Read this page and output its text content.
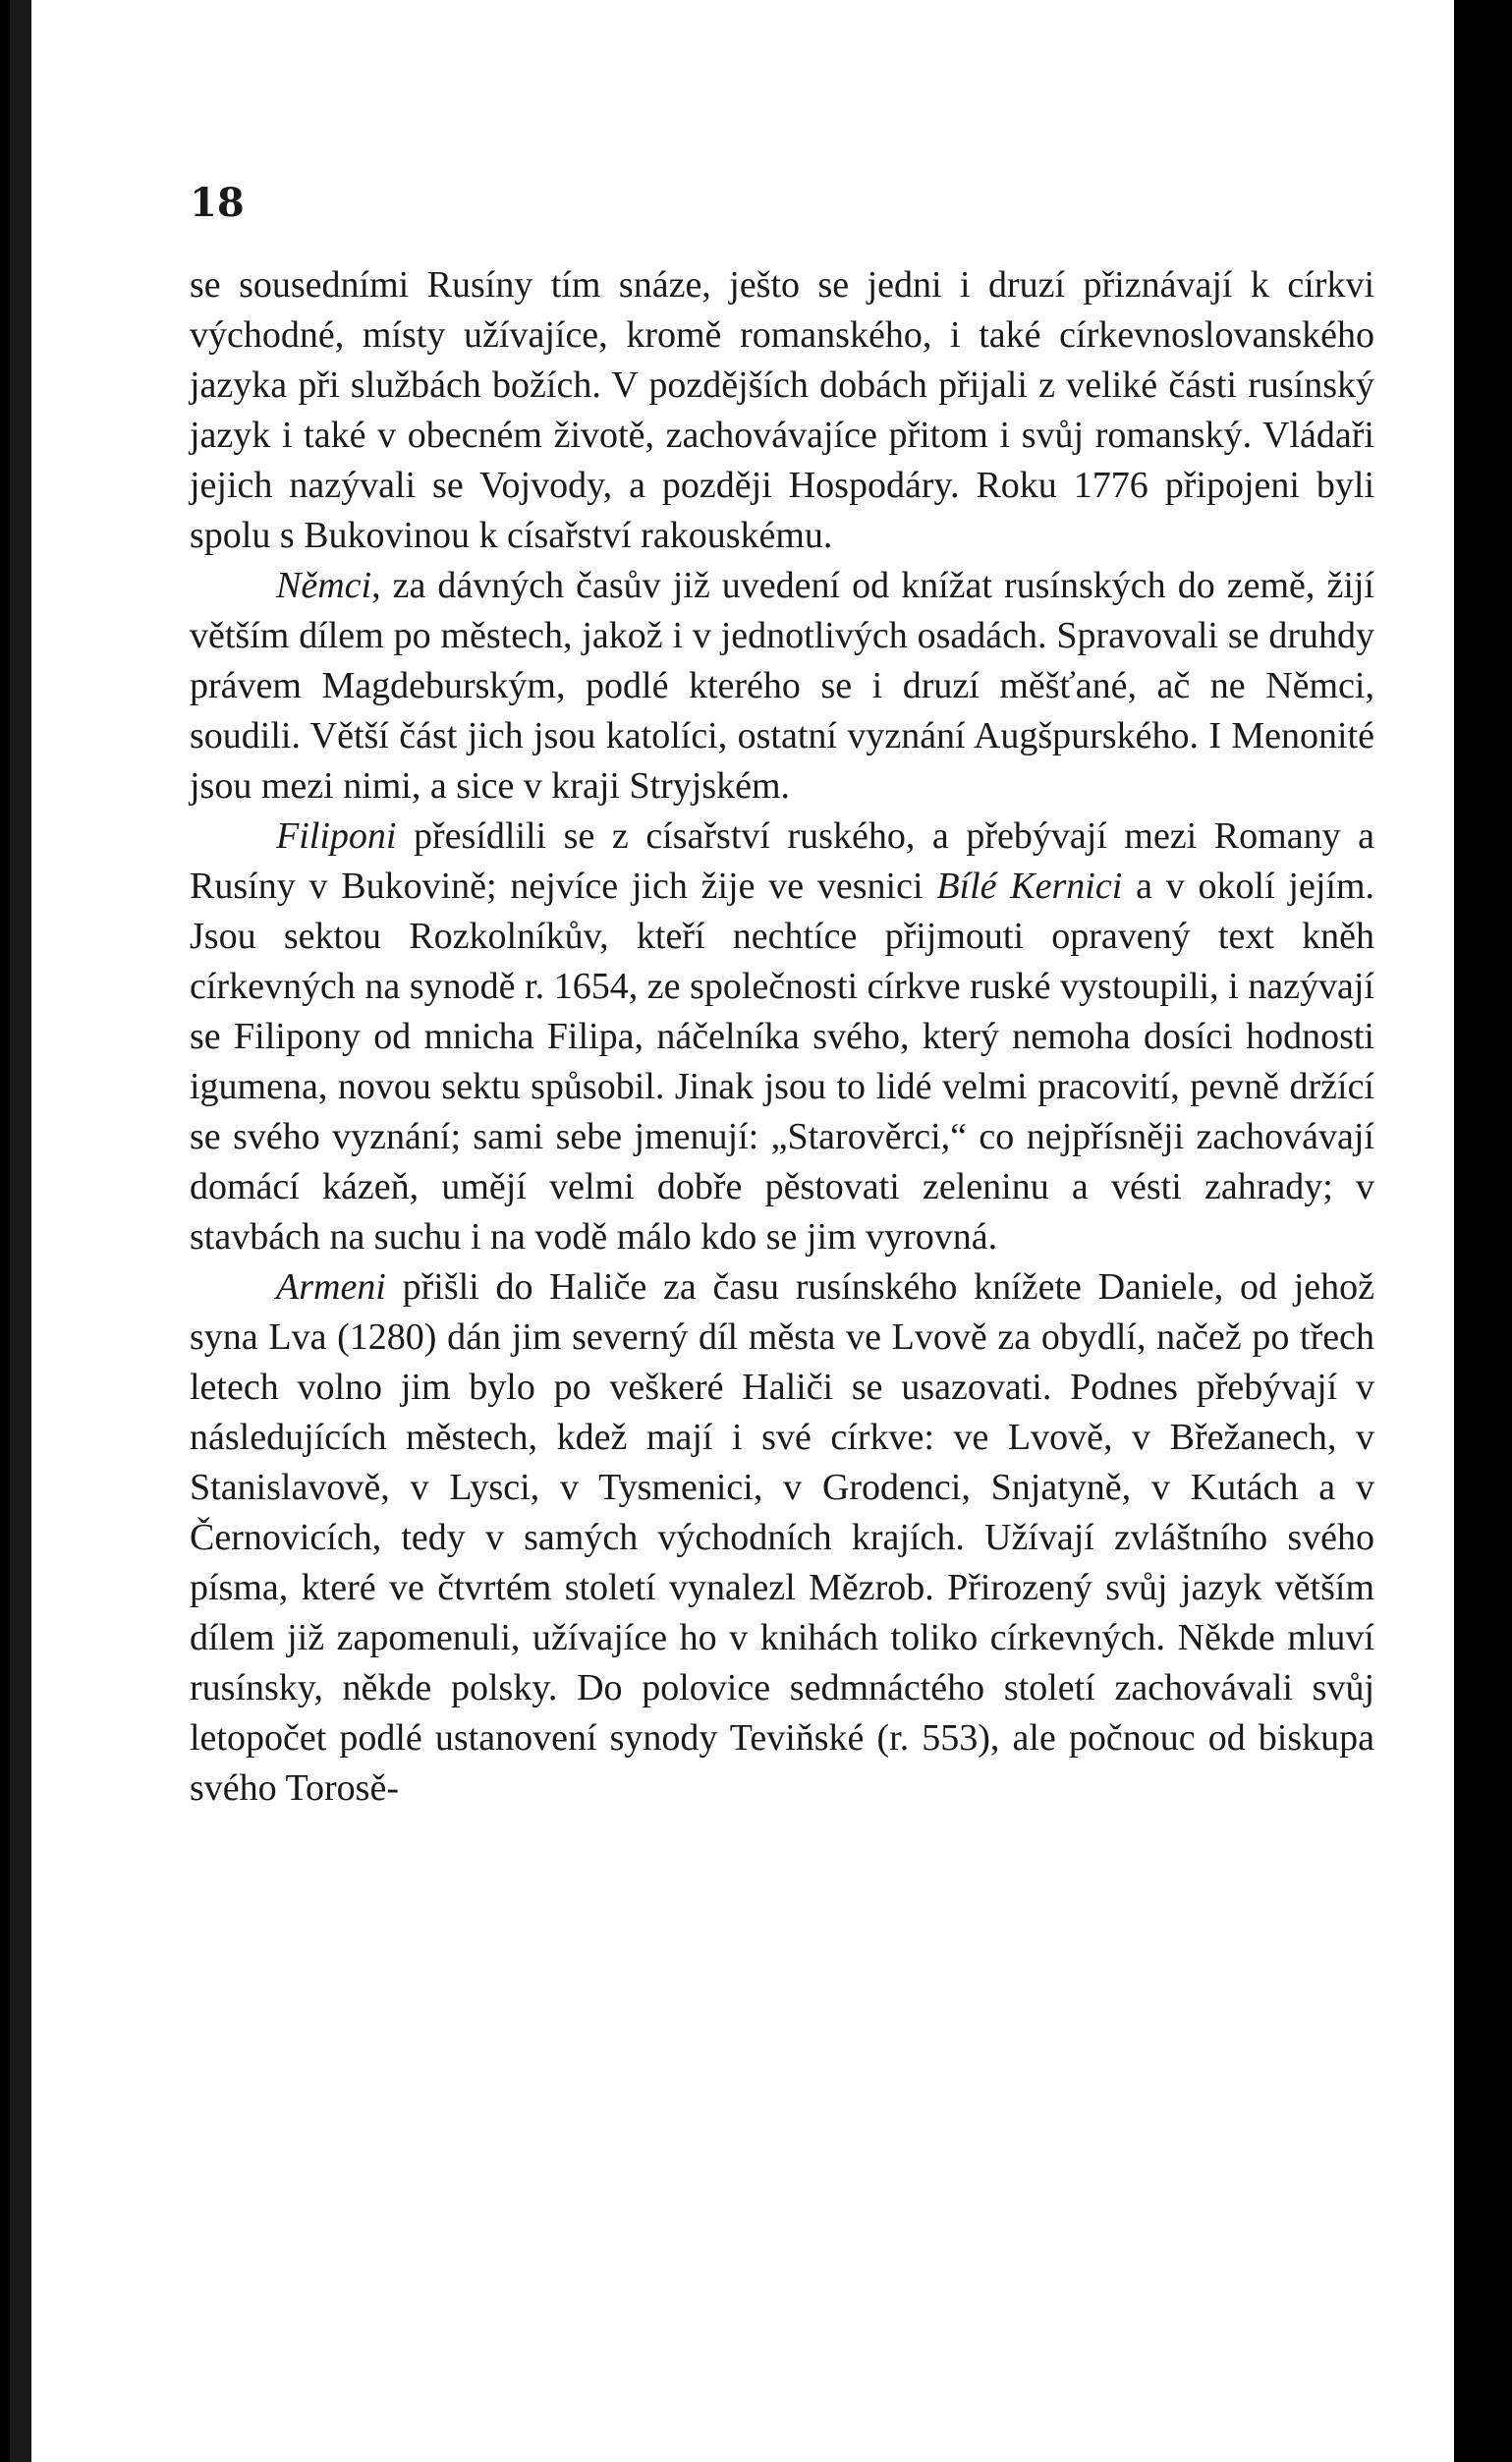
18

se sousedními Rusíny tím snáze, ješto se jedni i druzí přiznávají k církvi východné, místy užívajíce, kromě romanského, i také církevnoslovanského jazyka při službách božích. V pozdějších dobách přijali z veliké části rusínský jazyk i také v obecném životě, zachovávajíce přitom i svůj romanský. Vládaři jejich nazývali se Vojvody, a později Hospodáry. Roku 1776 připojeni byli spolu s Bukovinou k císařství rakouskému.

Němci, za dávných časův již uvedení od knížat rusínských do země, žijí větším dílem po městech, jakož i v jednotlivých osadách. Spravovali se druhdy právem Magdeburským, podlé kterého se i druzí měšťané, ač ne Němci, soudili. Větší část jich jsou katolíci, ostatní vyznání Augšpurského. I Menonité jsou mezi nimi, a sice v kraji Stryjském.

Filiponi přesídlili se z císařství ruského, a přebývají mezi Romany a Rusíny v Bukovině; nejvíce jich žije ve vesnici Bílé Kernici a v okolí jejím. Jsou sektou Rozkolníkův, kteří nechtíce přijmouti opravený text kněh církevných na synodě r. 1654, ze společnosti církve ruské vystoupili, i nazývají se Filipony od mnicha Filipa, náčelníka svého, který nemoha dosíci hodnosti igumena, novou sektu spůsobil. Jinak jsou to lidé velmi pracovití, pevně držící se svého vyznání; sami sebe jmenují: „Starověrci,“ co nejpřísněji zachovávají domácí kázeň, umějí velmi dobře pěstovati zeleninu a vésti zahrady; v stavbách na suchu i na vodě málo kdo se jim vyrovná.

Armeni přišli do Haliče za času rusínského knížete Daniele, od jehož syna Lva (1280) dán jim severný díl města ve Lvově za obydlí, načež po třech letech volno jim bylo po veškeré Haliči se usazovati. Podnes přebývají v následujících městech, kdež mají i své církve: ve Lvově, v Břežanech, v Stanislavově, v Lysci, v Tysmenici, v Grodenci, Snjatyně, v Kutách a v Černovicích, tedy v samých východních krajích. Užívají zvláštního svého písma, které ve čtvrtém století vynalezl Mězrob. Přirozený svůj jazyk větším dílem již zapomenuli, užívajíce ho v knihách toliko církevných. Někde mluví rusínsky, někde polsky. Do polovice sedmnáctého století zachovávali svůj letopočet podlé ustanovení synody Teviňské (r. 553), ale počnouc od biskupa svého Torosě-
